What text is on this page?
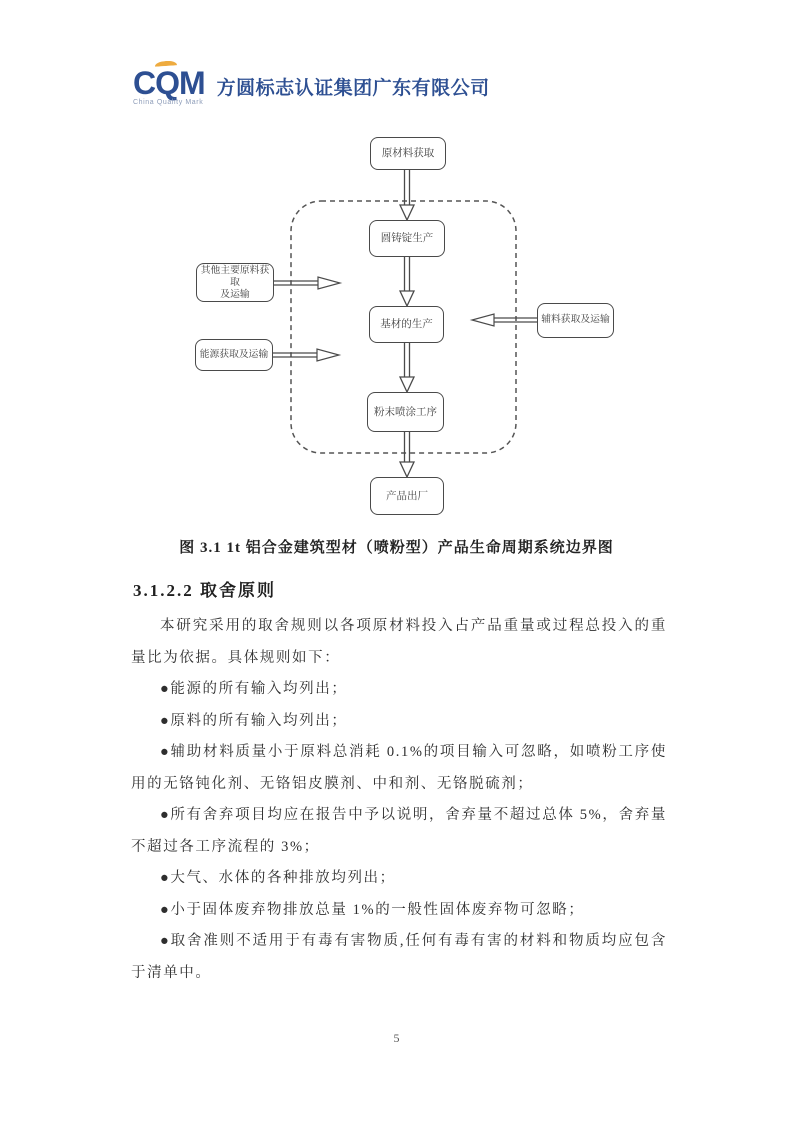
CQM
China Quality Mark
方圆标志认证集团广东有限公司
原材料获取
圆铸锭生产
基材的生产
粉末喷涂工序
产品出厂
其他主要原料获取
及运输
能源获取及运输
辅料获取及运输
图 3.1 1t 铝合金建筑型材（喷粉型）产品生命周期系统边界图
3.1.2.2 取舍原则

本研究采用的取舍规则以各项原材料投入占产品重量或过程总投入的重量比为依据。具体规则如下：

●能源的所有输入均列出；

●原料的所有输入均列出；

●辅助材料质量小于原料总消耗 0.1%的项目输入可忽略，如喷粉工序使用的无铬钝化剂、无铬铝皮膜剂、中和剂、无铬脱硫剂；

●所有舍弃项目均应在报告中予以说明，舍弃量不超过总体 5%，舍弃量不超过各工序流程的 3%；

●大气、水体的各种排放均列出；

●小于固体废弃物排放总量 1%的一般性固体废弃物可忽略；

●取舍准则不适用于有毒有害物质,任何有毒有害的材料和物质均应包含于清单中。

5
